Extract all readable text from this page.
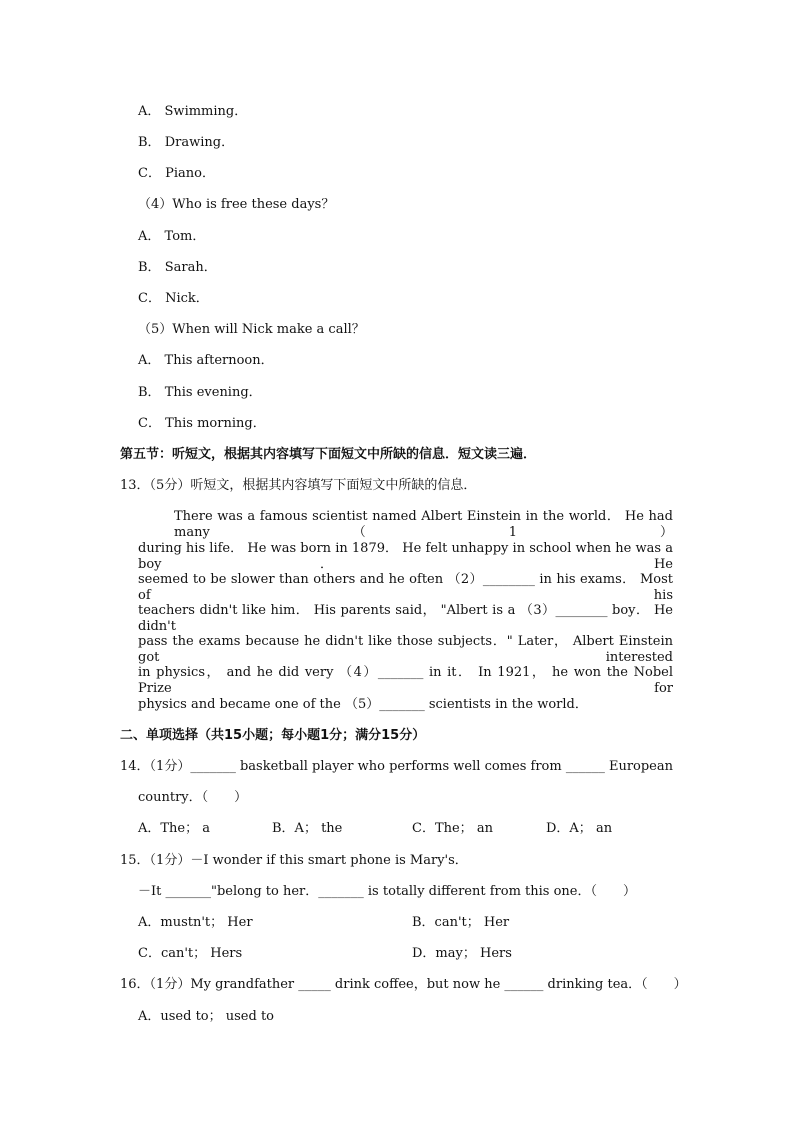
A． Swimming．
B． Drawing．
C． Piano．
（4）Who is free these days？
A． Tom．
B． Sarah．
C． Nick．
（5）When will Nick make a call？
A． This afternoon．
B． This evening．
C． This morning．
第五节：听短文，根据其内容填写下面短文中所缺的信息．短文读三遍．
13．（5分）听短文，根据其内容填写下面短文中所缺的信息．
There was a famous scientist named Albert Einstein in the world． He had many（1）
during his life． He was born in 1879． He felt unhappy in school when he was a boy． He
seemed to be slower than others and he often （2）________ in his exams． Most of his
teachers didn't like him． His parents said， "Albert is a （3）________ boy． He didn't
pass the exams because he didn't like those subjects．" Later， Albert Einstein got interested
in physics， and he did very （4）_______ in it． In 1921， he won the Nobel Prize for
physics and became one of the （5）_______ scientists in the world．
二、单项选择（共15小题；每小题1分；满分15分）
14．（1分）_______ basketball player who performs well comes from ______ European
country．（　　）
A．The； a	B．A； the	C．The； an	D．A； an
15．（1分）－I wonder if this smart phone is Mary's．
－It _______"belong to her．_______ is totally different from this one．（　　）
A．mustn't； Her	B．can't； Her
C．can't； Hers	D．may； Hers
16．（1分）My grandfather _____ drink coffee，but now he ______ drinking tea．（　　）
A．used to； used to
